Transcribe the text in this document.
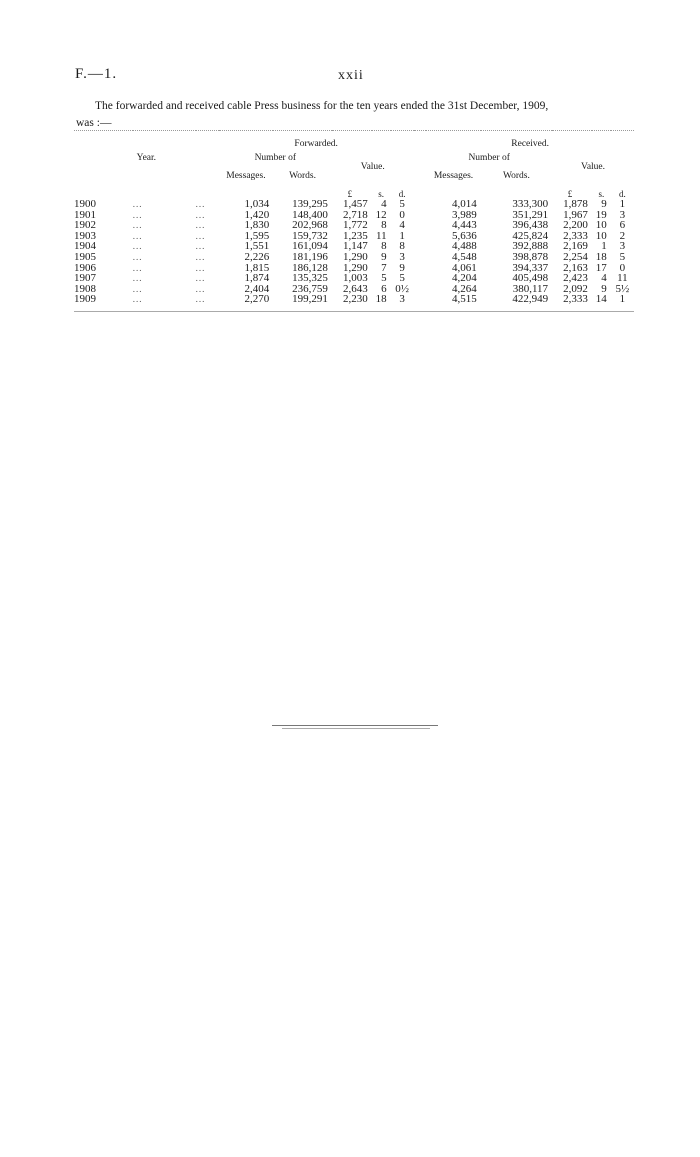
F.—1.	xxii
The forwarded and received cable Press business for the ten years ended the 31st December, 1909,
was :—
			Forwarded.						Received.				
Year.			Number of		Value.				Number of		Value.		
			Messages.	Words.					Messages.	Words.			
					£	s.	d.				£	s.	d.
1900	...	...	1,034	139,295	1,457	4	5		4,014	333,300	1,878	9	1
1901	...	...	1,420	148,400	2,718	12	0		3,989	351,291	1,967	19	3
1902	...	...	1,830	202,968	1,772	8	4		4,443	396,438	2,200	10	6
1903	...	...	1,595	159,732	1,235	11	1		5,636	425,824	2,333	10	2
1904	...	...	1,551	161,094	1,147	8	8		4,488	392,888	2,169	1	3
1905	...	...	2,226	181,196	1,290	9	3		4,548	398,878	2,254	18	5
1906	...	...	1,815	186,128	1,290	7	9		4,061	394,337	2,163	17	0
1907	...	...	1,874	135,325	1,003	5	5		4,204	405,498	2,423	4	11
1908	...	...	2,404	236,759	2,643	6	0½		4,264	380,117	2,092	9	5½
1909	...	...	2,270	199,291	2,230	18	3		4,515	422,949	2,333	14	1
